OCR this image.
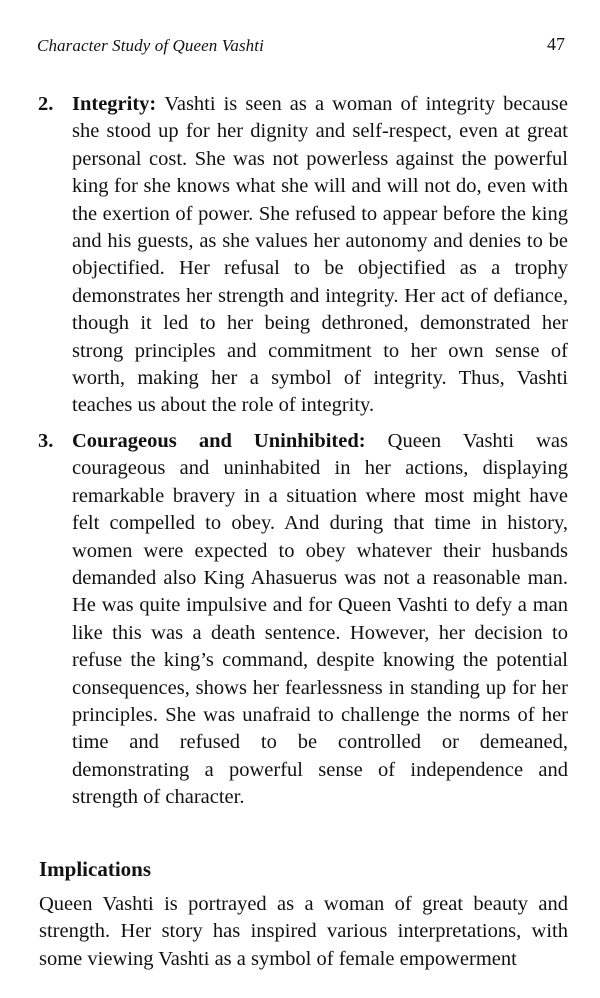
Character Study of Queen Vashti	47
2. Integrity: Vashti is seen as a woman of integrity because she stood up for her dignity and self-respect, even at great personal cost. She was not powerless against the powerful king for she knows what she will and will not do, even with the exertion of power. She refused to appear before the king and his guests, as she values her autonomy and denies to be objectified. Her refusal to be objectified as a trophy demonstrates her strength and integrity. Her act of defiance, though it led to her being dethroned, demonstrated her strong principles and commitment to her own sense of worth, making her a symbol of integrity. Thus, Vashti teaches us about the role of integrity.
3. Courageous and Uninhibited: Queen Vashti was courageous and uninhabited in her actions, displaying remarkable bravery in a situation where most might have felt compelled to obey. And during that time in history, women were expected to obey whatever their husbands demanded also King Ahasuerus was not a reasonable man. He was quite impulsive and for Queen Vashti to defy a man like this was a death sentence. However, her decision to refuse the king’s command, despite knowing the potential consequences, shows her fearlessness in standing up for her principles. She was unafraid to challenge the norms of her time and refused to be controlled or demeaned, demonstrating a powerful sense of independence and strength of character.
Implications
Queen Vashti is portrayed as a woman of great beauty and strength. Her story has inspired various interpretations, with some viewing Vashti as a symbol of female empowerment
